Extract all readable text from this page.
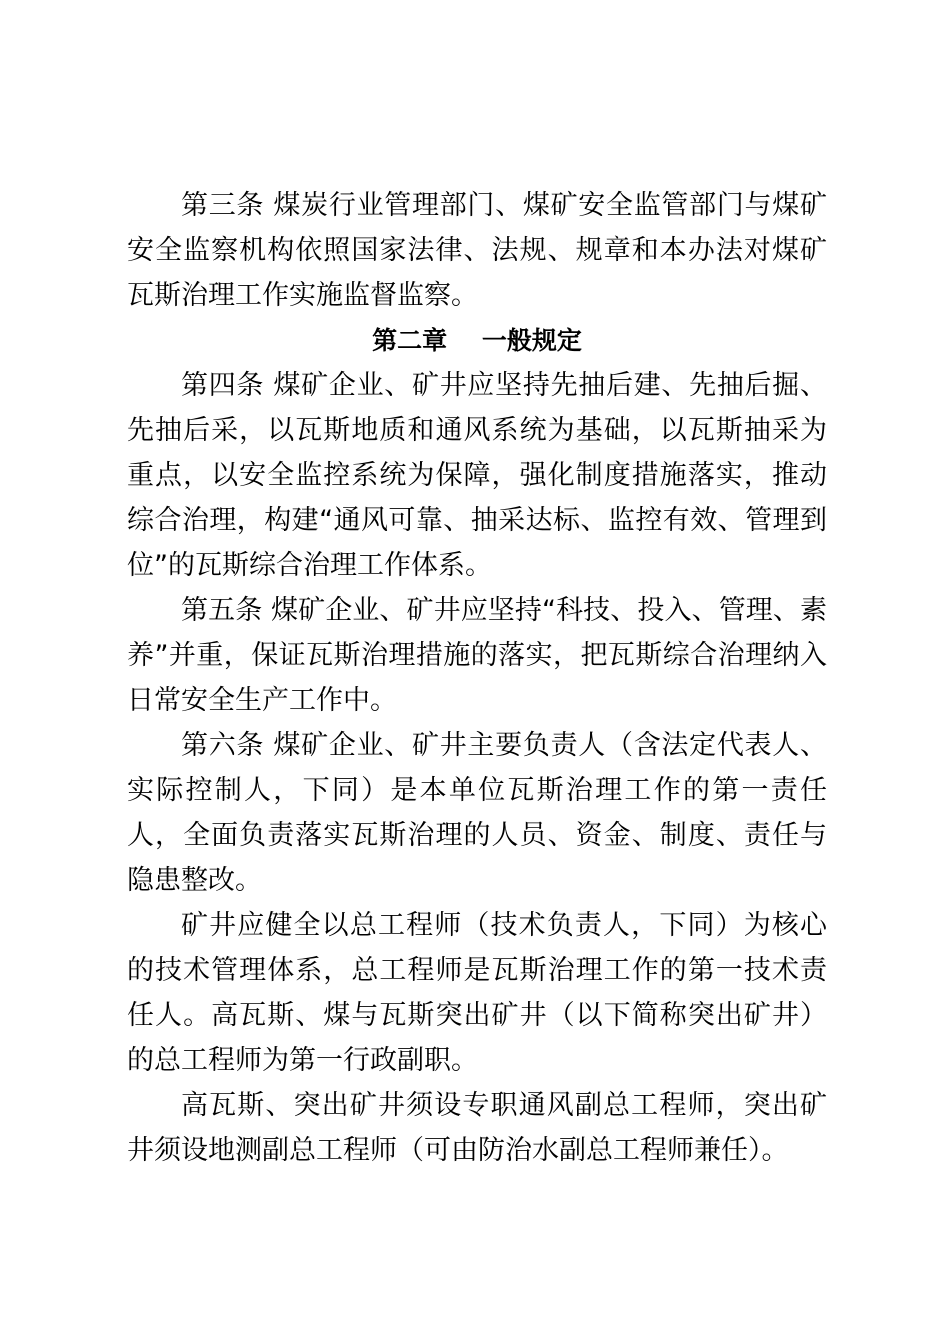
第三条 煤炭行业管理部门、煤矿安全监管部门与煤矿安全监察机构依照国家法律、法规、规章和本办法对煤矿瓦斯治理工作实施监督监察。

第二章    一般规定

第四条 煤矿企业、矿井应坚持先抽后建、先抽后掘、先抽后采，以瓦斯地质和通风系统为基础，以瓦斯抽采为重点，以安全监控系统为保障，强化制度措施落实，推动综合治理，构建“通风可靠、抽采达标、监控有效、管理到位”的瓦斯综合治理工作体系。

第五条 煤矿企业、矿井应坚持“科技、投入、管理、素养”并重，保证瓦斯治理措施的落实，把瓦斯综合治理纳入日常安全生产工作中。

第六条 煤矿企业、矿井主要负责人（含法定代表人、实际控制人，下同）是本单位瓦斯治理工作的第一责任人，全面负责落实瓦斯治理的人员、资金、制度、责任与隐患整改。

矿井应健全以总工程师（技术负责人，下同）为核心的技术管理体系，总工程师是瓦斯治理工作的第一技术责任人。高瓦斯、煤与瓦斯突出矿井（以下简称突出矿井）的总工程师为第一行政副职。

高瓦斯、突出矿井须设专职通风副总工程师，突出矿井须设地测副总工程师（可由防治水副总工程师兼任）。
